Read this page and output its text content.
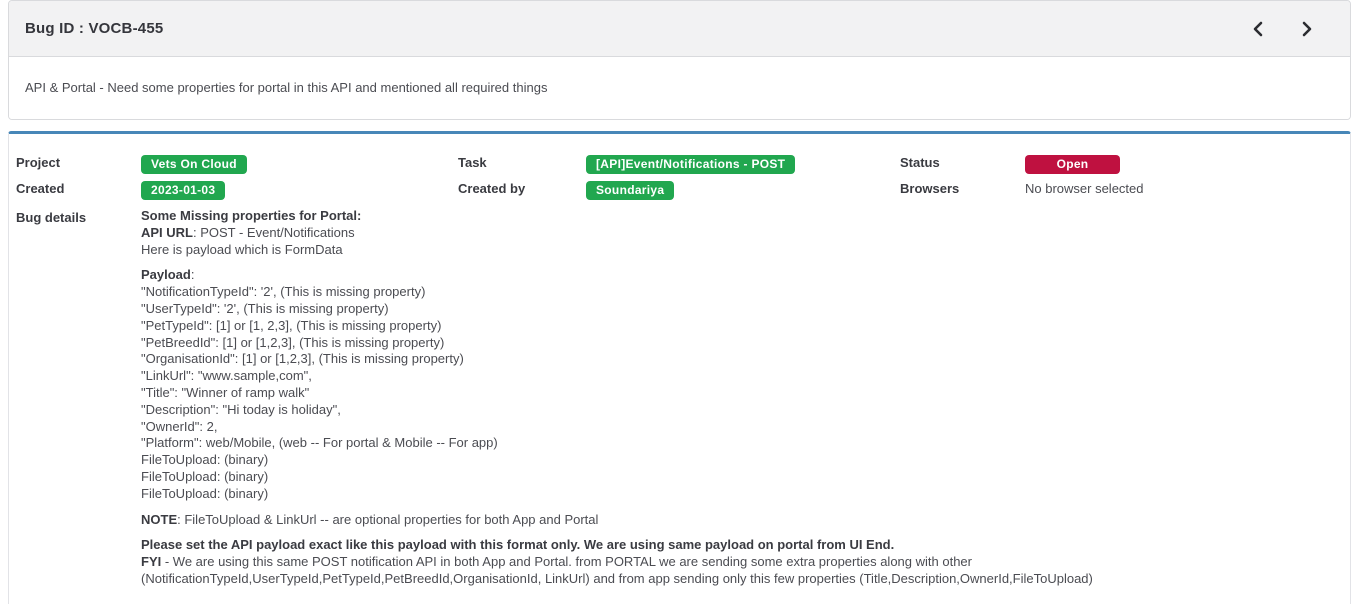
Bug ID : VOCB-455
API & Portal - Need some properties for portal in this API and mentioned all required things
Project	Vets On Cloud	Task	[API]Event/Notifications - POST	Status	Open
Created	2023-01-03	Created by	Soundariya	Browsers	No browser selected
Bug details	Some Missing properties for Portal:
API URL: POST - Event/Notifications
Here is payload which is FormData
Payload:
"NotificationTypeId": '2', (This is missing property)
"UserTypeId": '2', (This is missing property)
"PetTypeId": [1] or [1, 2,3], (This is missing property)
"PetBreedId": [1] or [1,2,3], (This is missing property)
"OrganisationId": [1] or [1,2,3], (This is missing property)
"LinkUrl": "www.sample,com",
"Title": "Winner of ramp walk"
"Description": "Hi today is holiday",
"OwnerId": 2,
"Platform": web/Mobile, (web -- For portal & Mobile -- For app)
FileToUpload: (binary)
FileToUpload: (binary)
FileToUpload: (binary)
NOTE: FileToUpload & LinkUrl -- are optional properties for both App and Portal
Please set the API payload exact like this payload with this format only. We are using same payload on portal from UI End.
FYI - We are using this same POST notification API in both App and Portal. from PORTAL we are sending some extra properties along with other (NotificationTypeId,UserTypeId,PetTypeId,PetBreedId,OrganisationId, LinkUrl) and from app sending only this few properties (Title,Description,OwnerId,FileToUpload)
